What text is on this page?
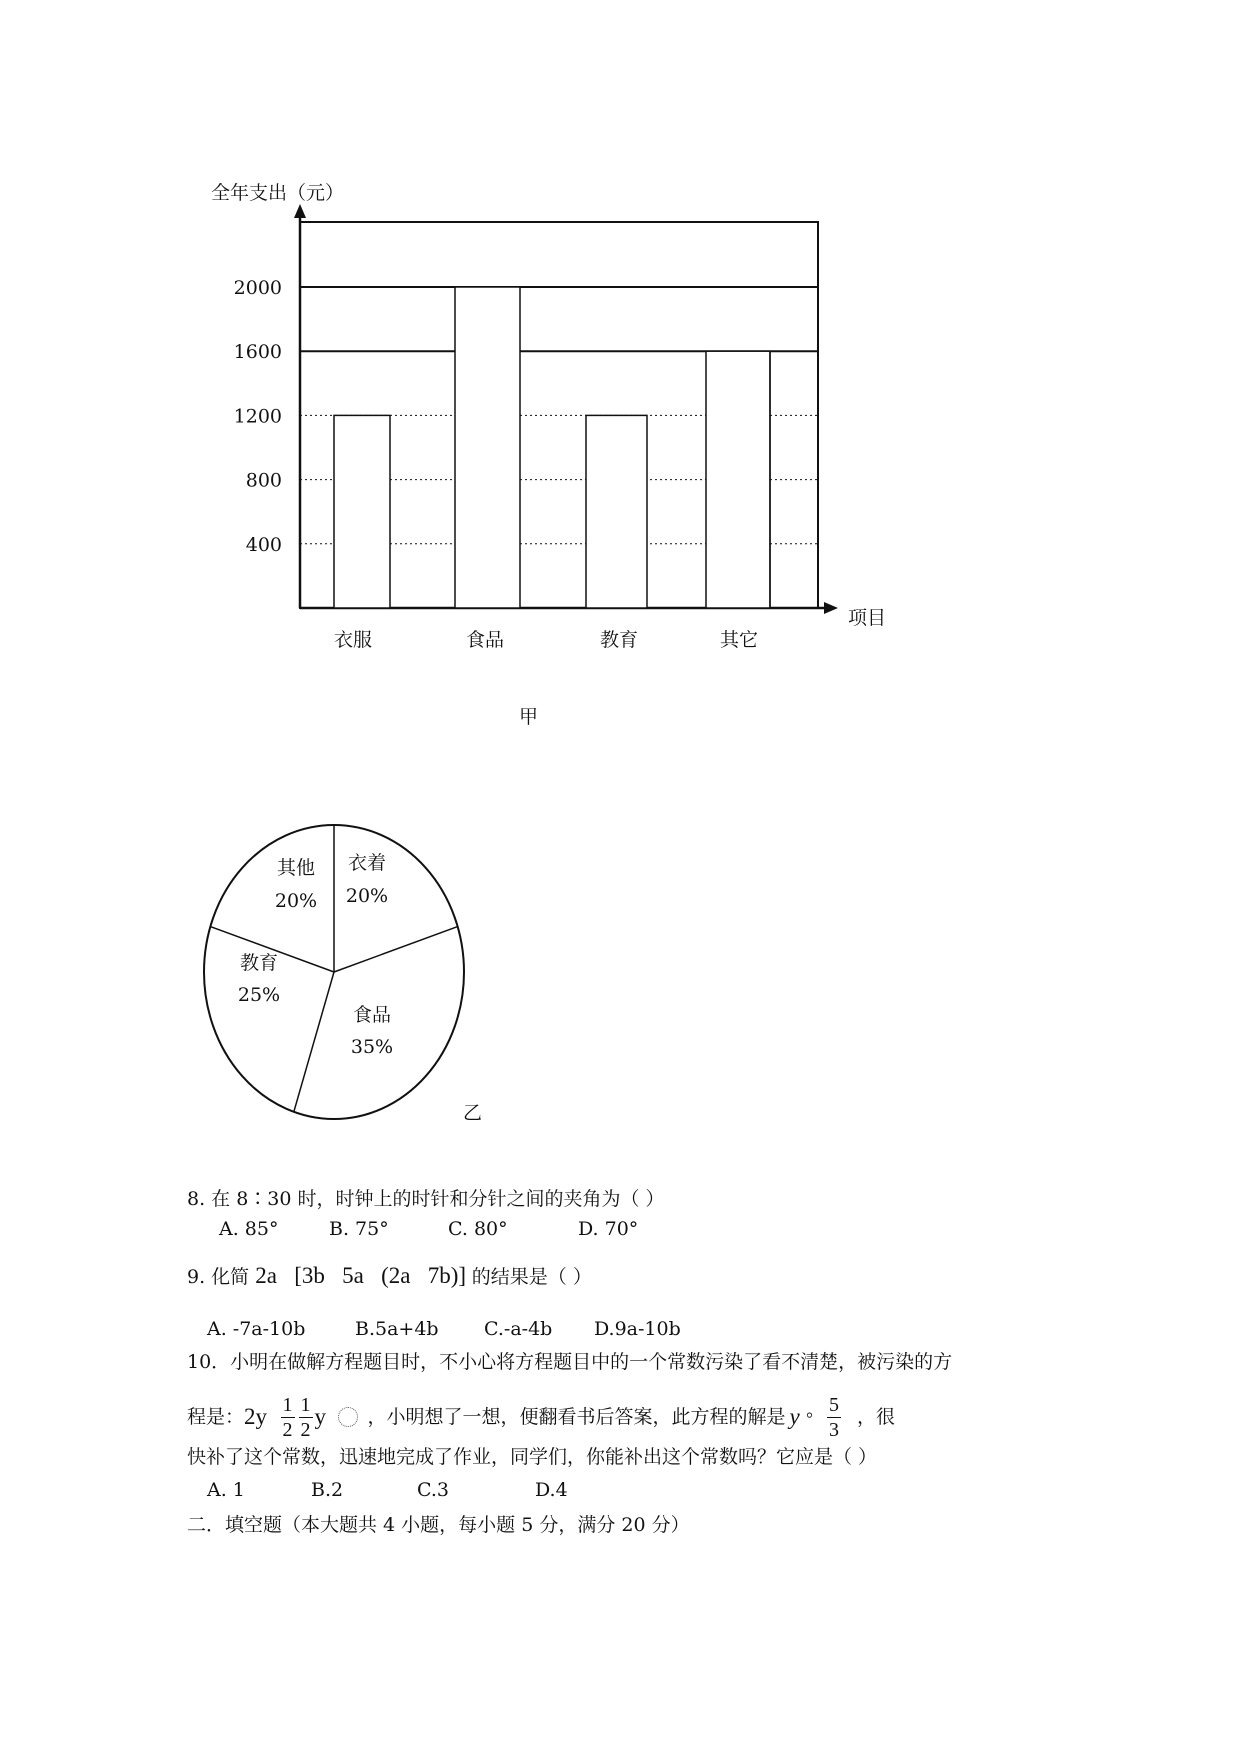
全年支出（元）
项目
400
800
1200
1600
2000
衣服	食品	教育	其它
甲
衣着
20%
食品
35%
教育
25%
其他
20%
乙
8. 在 8∶30 时，时钟上的时针和分针之间的夹角为（ ）
A. 85°	B. 75°	C. 80°	D. 70°
9. 化简 2a [3b 5a (2a 7b)] 的结果是（ ）
A. -7a-10b	B.5a+4b C.-a-4b D.9a-10b
10．小明在做解方程题目时，不小心将方程题目中的一个常数污染了看不清楚，被污染的方
程是： 2y
$\frac{1}{2} \frac{1}{2}$ y
，小明想了一想，便翻看书后答案，此方程的解是 y
⸰
$\frac{5}{3}$ ，很
快补了这个常数，迅速地完成了作业，同学们，你能补出这个常数吗？它应是（ ）
A. 1	B.2	C.3	D.4
二．填空题（本大题共 4 小题，每小题 5 分，满分 20 分）
